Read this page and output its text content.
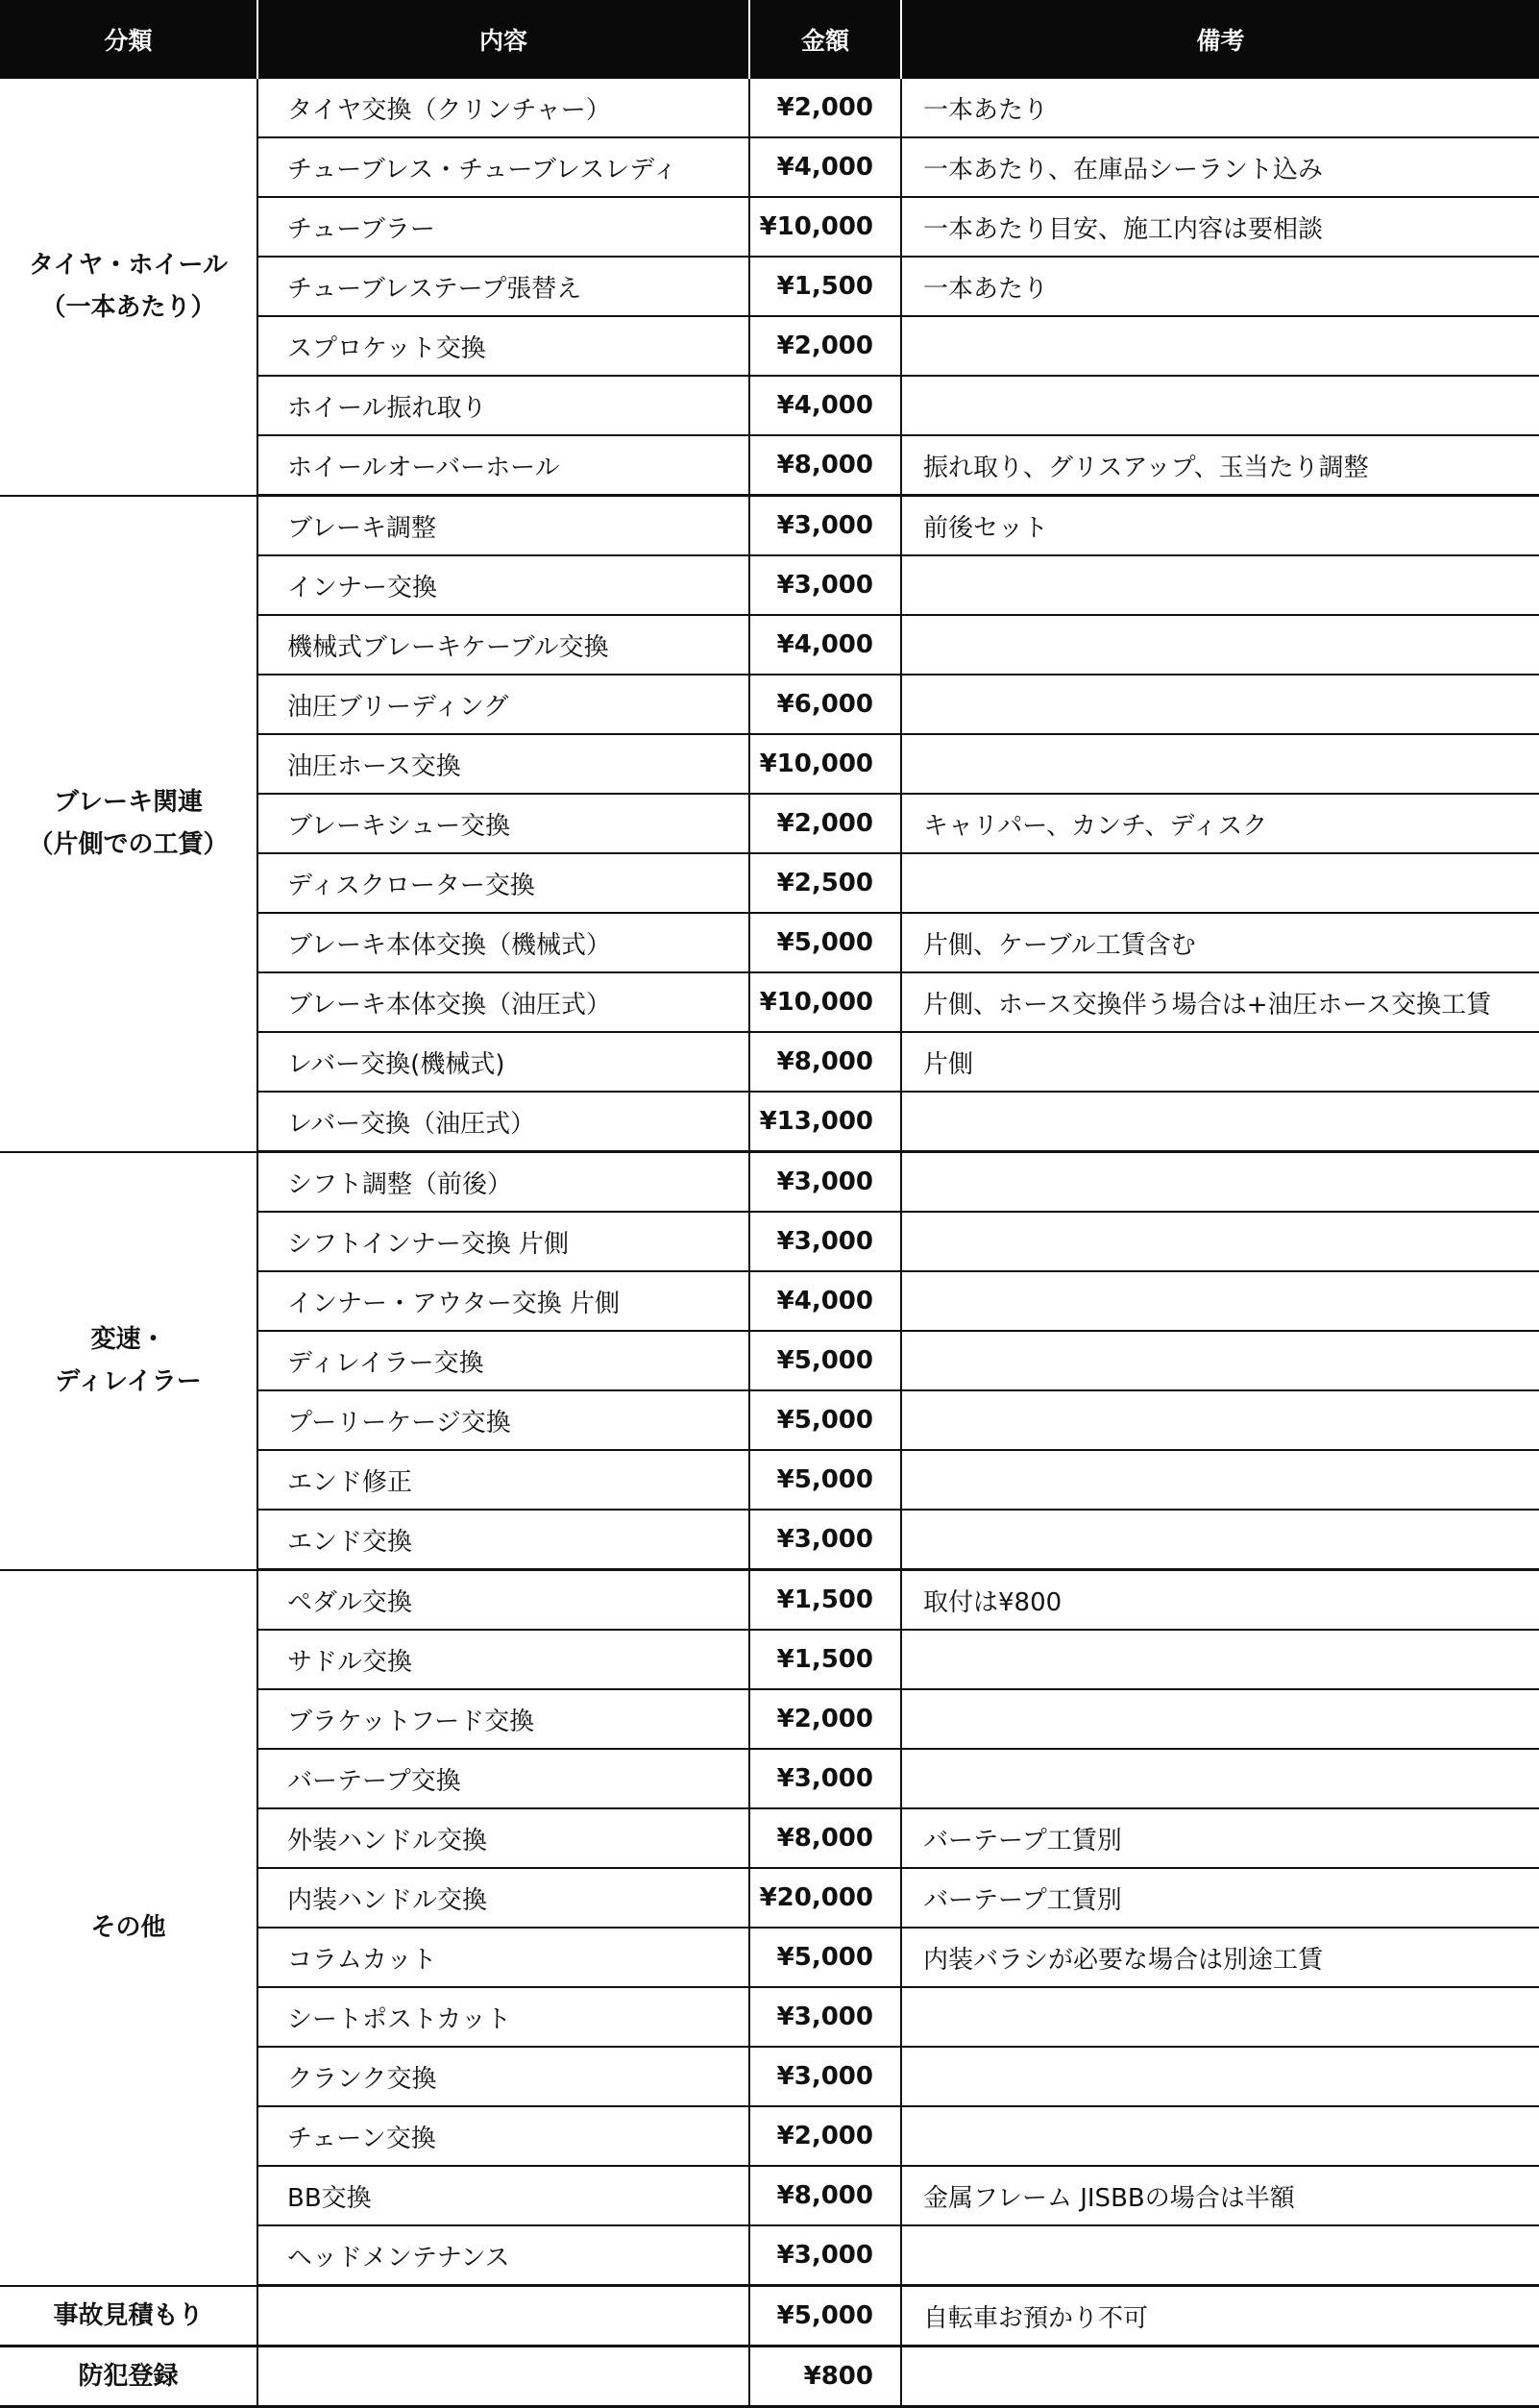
分類	内容	金額	備考
タイヤ・ホイール
（一本あたり）	タイヤ交換（クリンチャー）	¥2,000	一本あたり
	チューブレス・チューブレスレディ	¥4,000	一本あたり、在庫品シーラント込み
	チューブラー	¥10,000	一本あたり目安、施工内容は要相談
	チューブレステープ張替え	¥1,500	一本あたり
	スプロケット交換	¥2,000	
	ホイール振れ取り	¥4,000	
	ホイールオーバーホール	¥8,000	振れ取り、グリスアップ、玉当たり調整
ブレーキ関連
（片側での工賃）	ブレーキ調整	¥3,000	前後セット
	インナー交換	¥3,000	
	機械式ブレーキケーブル交換	¥4,000	
	油圧ブリーディング	¥6,000	
	油圧ホース交換	¥10,000	
	ブレーキシュー交換	¥2,000	キャリパー、カンチ、ディスク
	ディスクローター交換	¥2,500	
	ブレーキ本体交換（機械式）	¥5,000	片側、ケーブル工賃含む
	ブレーキ本体交換（油圧式）	¥10,000	片側、ホース交換伴う場合は+油圧ホース交換工賃
	レバー交換(機械式)	¥8,000	片側
	レバー交換（油圧式）	¥13,000	
変速・
ディレイラー	シフト調整（前後）	¥3,000	
	シフトインナー交換 片側	¥3,000	
	インナー・アウター交換 片側	¥4,000	
	ディレイラー交換	¥5,000	
	プーリーケージ交換	¥5,000	
	エンド修正	¥5,000	
	エンド交換	¥3,000	
その他	ペダル交換	¥1,500	取付は¥800
	サドル交換	¥1,500	
	ブラケットフード交換	¥2,000	
	バーテープ交換	¥3,000	
	外装ハンドル交換	¥8,000	バーテープ工賃別
	内装ハンドル交換	¥20,000	バーテープ工賃別
	コラムカット	¥5,000	内装バラシが必要な場合は別途工賃
	シートポストカット	¥3,000	
	クランク交換	¥3,000	
	チェーン交換	¥2,000	
	BB交換	¥8,000	金属フレーム JISBBの場合は半額
	ヘッドメンテナンス	¥3,000	
事故見積もり		¥5,000	自転車お預かり不可
防犯登録		¥800	
